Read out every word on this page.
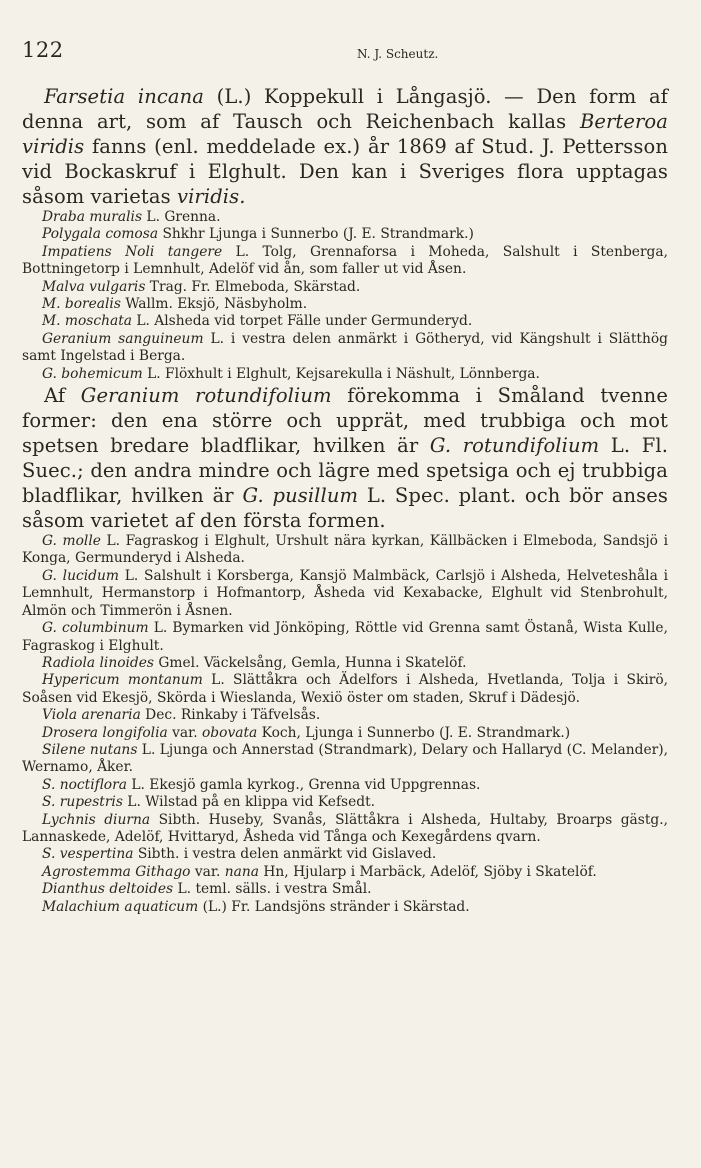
122	N. J. Scheutz.

Farsetia incana (L.) Koppekull i Långasjö. — Den form af denna art, som af Tausch och Reichenbach kallas Berteroa viridis fanns (enl. meddelade ex.) år 1869 af Stud. J. Pettersson vid Bockaskruf i Elghult. Den kan i Sveriges flora upptagas såsom varietas viridis.

Draba muralis L. Grenna.

Polygala comosa Shkhr Ljunga i Sunnerbo (J. E. Strandmark.)

Impatiens Noli tangere L. Tolg, Grennaforsa i Moheda, Salshult i Stenberga, Bottningetorp i Lemnhult, Adelöf vid ån, som faller ut vid Åsen.

Malva vulgaris Trag. Fr. Elmeboda, Skärstad.

M. borealis Wallm. Eksjö, Näsbyholm.

M. moschata L. Alsheda vid torpet Fälle under Germunderyd.

Geranium sanguineum L. i vestra delen anmärkt i Götheryd, vid Kängshult i Slätthög samt Ingelstad i Berga.

G. bohemicum L. Flöxhult i Elghult, Kejsarekulla i Näshult, Lönnberga.

Af Geranium rotundifolium förekomma i Småland tvenne former: den ena större och upprät, med trubbiga och mot spetsen bredare bladflikar, hvilken är G. rotundifolium L. Fl. Suec.; den andra mindre och lägre med spetsiga och ej trubbiga bladflikar, hvilken är G. pusillum L. Spec. plant. och bör anses såsom varietet af den första formen.

G. molle L. Fagraskog i Elghult, Urshult nära kyrkan, Källbäcken i Elmeboda, Sandsjö i Konga, Germunderyd i Alsheda.

G. lucidum L. Salshult i Korsberga, Kansjö Malmbäck, Carlsjö i Alsheda, Helveteshåla i Lemnhult, Hermanstorp i Hofmantorp, Åsheda vid Kexabacke, Elghult vid Stenbrohult, Almön och Timmerön i Åsnen.

G. columbinum L. Bymarken vid Jönköping, Röttle vid Grenna samt Östanå, Wista Kulle, Fagraskog i Elghult.

Radiola linoides Gmel. Väckelsång, Gemla, Hunna i Skatelöf.

Hypericum montanum L. Slättåkra och Ädelfors i Alsheda, Hvetlanda, Tolja i Skirö, Soåsen vid Ekesjö, Skörda i Wieslanda, Wexiö öster om staden, Skruf i Dädesjö.

Viola arenaria Dec. Rinkaby i Täfvelsås.

Drosera longifolia var. obovata Koch, Ljunga i Sunnerbo (J. E. Strandmark.)

Silene nutans L. Ljunga och Annerstad (Strandmark), Delary och Hallaryd (C. Melander), Wernamo, Åker.

S. noctiflora L. Ekesjö gamla kyrkog., Grenna vid Uppgrennas.

S. rupestris L. Wilstad på en klippa vid Kefsedt.

Lychnis diurna Sibth. Huseby, Svanås, Slättåkra i Alsheda, Hultaby, Broarps gästg., Lannaskede, Adelöf, Hvittaryd, Åsheda vid Tånga och Kexegårdens qvarn.

S. vespertina Sibth. i vestra delen anmärkt vid Gislaved.

Agrostemma Githago var. nana Hn, Hjularp i Marbäck, Adelöf, Sjöby i Skatelöf.

Dianthus deltoides L. teml. sälls. i vestra Smål.

Malachium aquaticum (L.) Fr. Landsjöns stränder i Skärstad.
